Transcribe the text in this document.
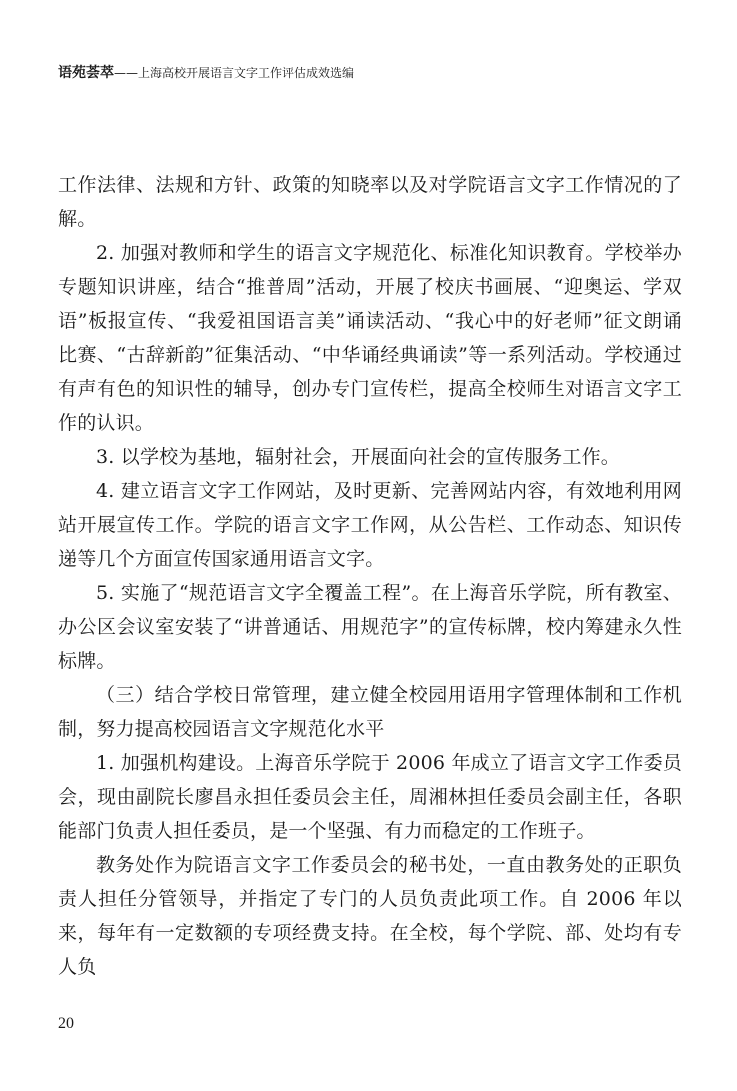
语苑荟萃——上海高校开展语言文字工作评估成效选编

工作法律、法规和方针、政策的知晓率以及对学院语言文字工作情况的了解。

2. 加强对教师和学生的语言文字规范化、标准化知识教育。学校举办专题知识讲座，结合“推普周”活动，开展了校庆书画展、“迎奥运、学双语”板报宣传、“我爱祖国语言美”诵读活动、“我心中的好老师”征文朗诵比赛、“古辞新韵”征集活动、“中华诵经典诵读”等一系列活动。学校通过有声有色的知识性的辅导，创办专门宣传栏，提高全校师生对语言文字工作的认识。

3. 以学校为基地，辐射社会，开展面向社会的宣传服务工作。

4. 建立语言文字工作网站，及时更新、完善网站内容，有效地利用网站开展宣传工作。学院的语言文字工作网，从公告栏、工作动态、知识传递等几个方面宣传国家通用语言文字。

5. 实施了“规范语言文字全覆盖工程”。在上海音乐学院，所有教室、办公区会议室安装了“讲普通话、用规范字”的宣传标牌，校内筹建永久性标牌。

（三）结合学校日常管理，建立健全校园用语用字管理体制和工作机制，努力提高校园语言文字规范化水平

1. 加强机构建设。上海音乐学院于 2006 年成立了语言文字工作委员会，现由副院长廖昌永担任委员会主任，周湘林担任委员会副主任，各职能部门负责人担任委员，是一个坚强、有力而稳定的工作班子。

教务处作为院语言文字工作委员会的秘书处，一直由教务处的正职负责人担任分管领导，并指定了专门的人员负责此项工作。自 2006 年以来，每年有一定数额的专项经费支持。在全校，每个学院、部、处均有专人负

20
